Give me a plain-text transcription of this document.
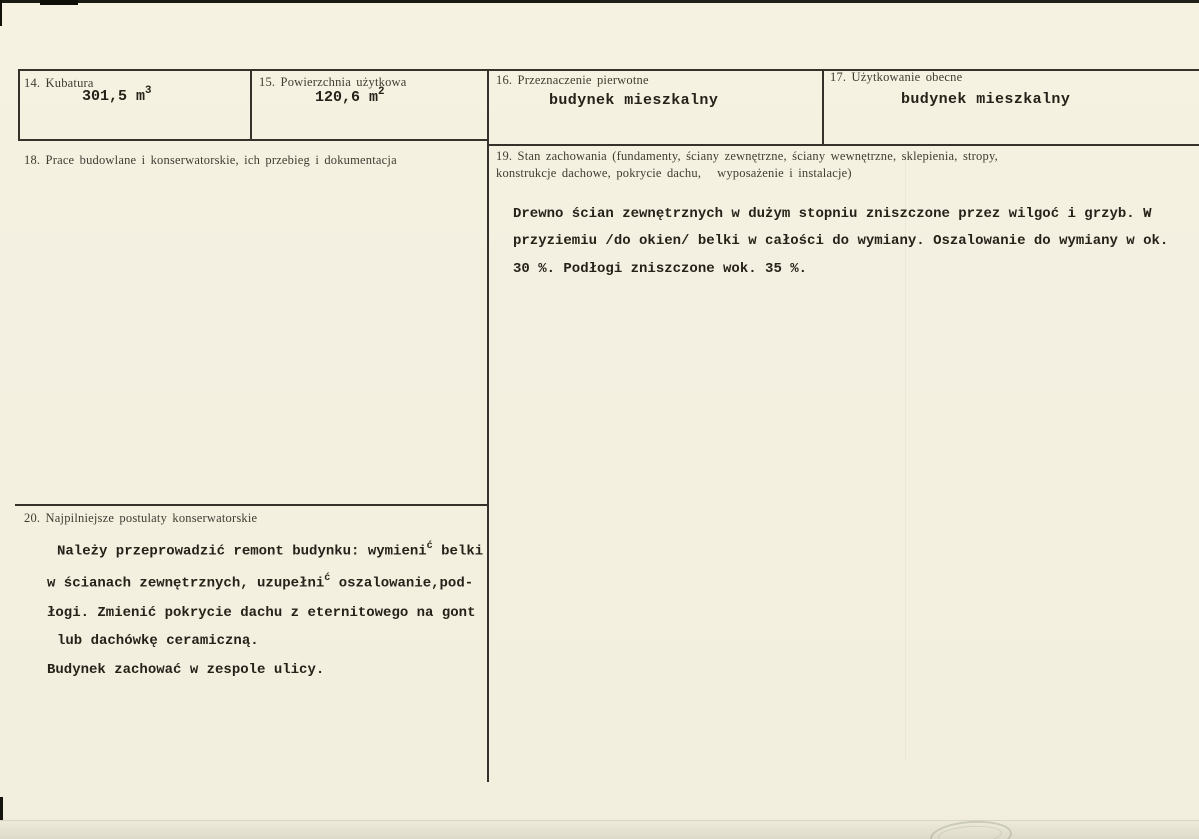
14. Kubatura
301,5 $m^3$
15. Powierzchnia użytkowa
120,6 $m^2$
16. Przeznaczenie pierwotne
budynek mieszkalny
17. Użytkowanie obecne
budynek mieszkalny
18. Prace budowlane i konserwatorskie, ich przebieg i dokumentacja	19. Stan zachowania (fundamenty, ściany zewnętrzne, ściany wewnętrzne, sklepienia, stropy,
konstrukcje dachowe, pokrycie dachu,   wyposażenie i instalacje)
Drewno ścian zewnętrznych w dużym stopniu zniszczone przez wilgoć i grzyb. W
przyziemiu /do okien/ belki w całości do wymiany. Oszalowanie do wymiany w ok.
30 %. Podłogi zniszczone wok. 35 %.
20. Najpilniejsze postulaty konserwatorskie
Należy przeprowadzić remont budynku: wymieni$^ć$ belki
w ścianach zewnętrznych, uzupełni$^ć$ oszalowanie,pod-
łogi. Zmienić pokrycie dachu z eternitowego na gont
lub dachówkę ceramiczną.
Budynek zachować w zespole ulicy.
